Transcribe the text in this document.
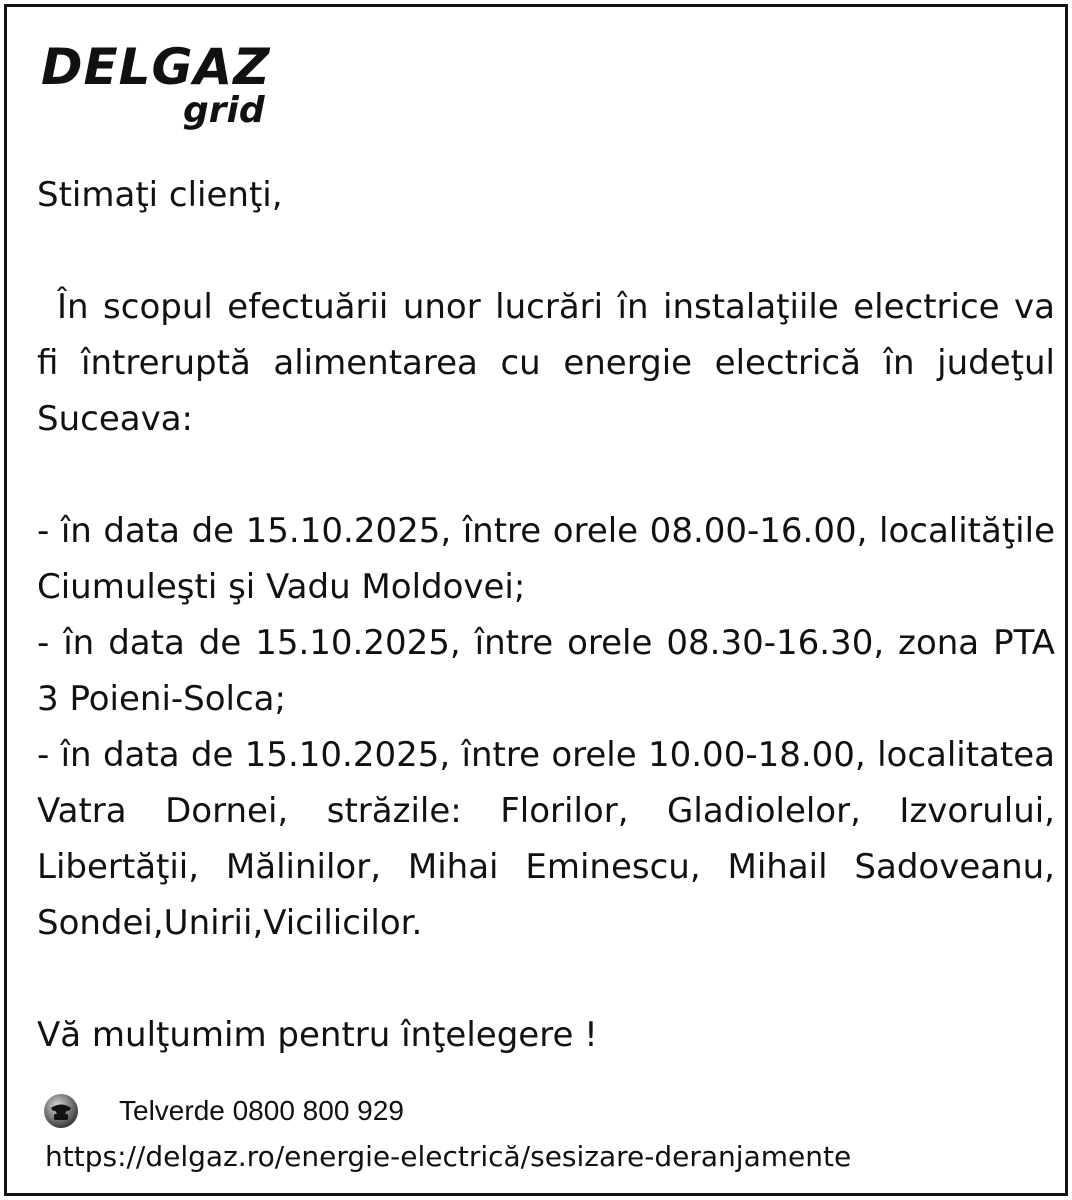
DELGAZ
grid

Stimaţi clienţi,

În scopul efectuării unor lucrări în instalaţiile electrice va fi întreruptă alimentarea cu energie electrică în judeţul Suceava:

- în data de 15.10.2025, între orele 08.00-16.00, localităţile Ciumuleşti şi Vadu Moldovei;
- în data de 15.10.2025, între orele 08.30-16.30, zona PTA 3 Poieni-Solca;
- în data de 15.10.2025, între orele 10.00-18.00, localitatea Vatra Dornei, străzile: Florilor, Gladiolelor, Izvorului, Libertăţii, Mălinilor, Mihai Eminescu, Mihail Sadoveanu, Sondei,Unirii,Vicilicilor.

Vă mulţumim pentru înţelegere !

Telverde 0800 800 929
https://delgaz.ro/energie-electrică/sesizare-deranjamente
